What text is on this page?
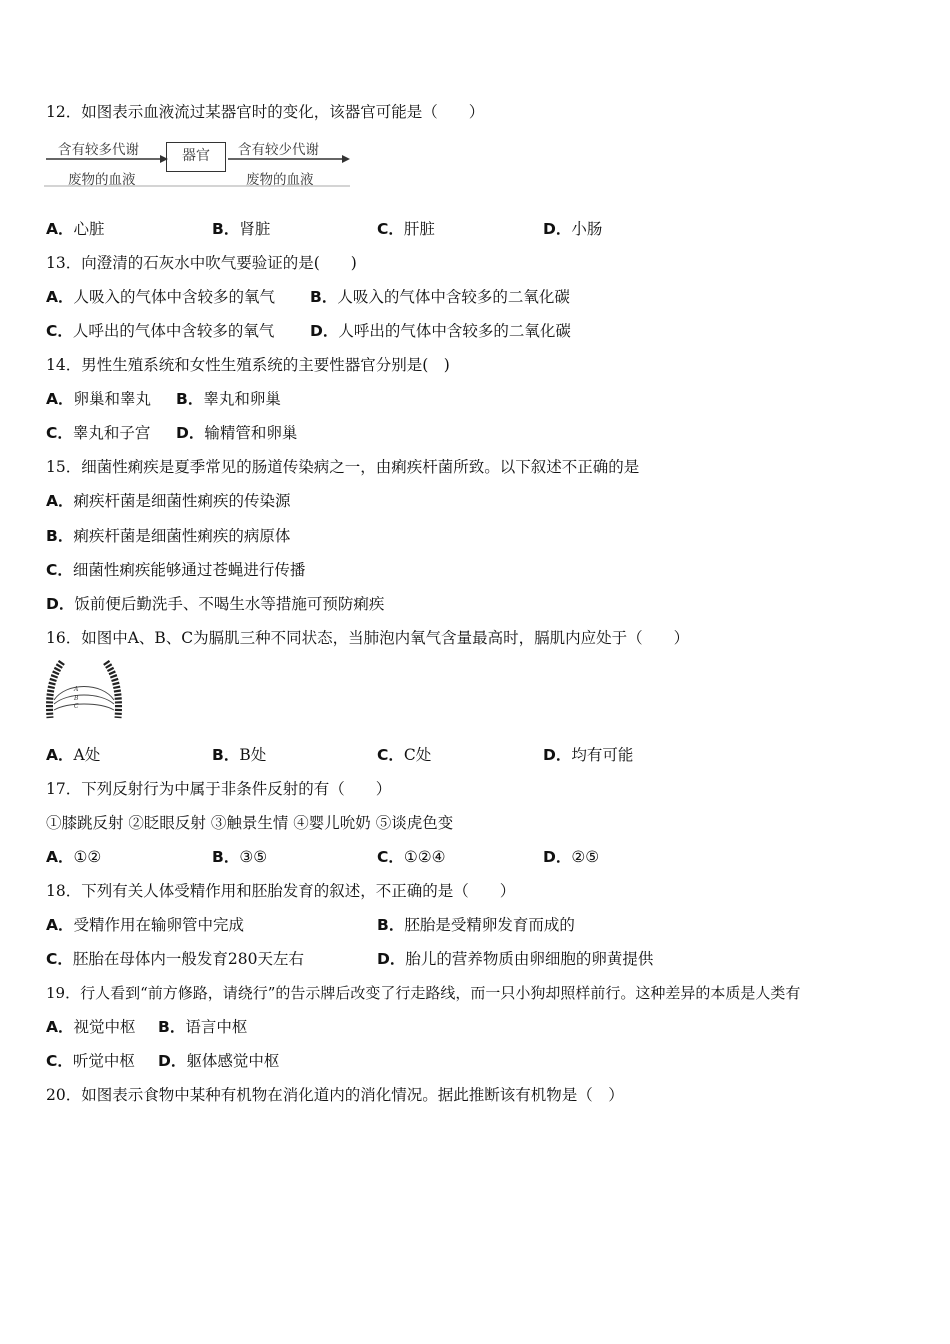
12．如图表示血液流过某器官时的变化，该器官可能是（　　）
含有较多代谢
废物的血液
器官	含有较少代谢
废物的血液
A．心脏	B．肾脏	C．肝脏	D．小肠
13．向澄清的石灰水中吹气要验证的是(　　)
A．人吸入的气体中含较多的氧气 B．人吸入的气体中含较多的二氧化碳
C．人呼出的气体中含较多的氧气 D．人呼出的气体中含较多的二氧化碳
14．男性生殖系统和女性生殖系统的主要性器官分别是(　)
A．卵巢和睾丸 B．睾丸和卵巢
C．睾丸和子宫 D．输精管和卵巢
15．细菌性痢疾是夏季常见的肠道传染病之一，由痢疾杆菌所致。以下叙述不正确的是
A．痢疾杆菌是细菌性痢疾的传染源
B．痢疾杆菌是细菌性痢疾的病原体
C．细菌性痢疾能够通过苍蝇进行传播
D．饭前便后勤洗手、不喝生水等措施可预防痢疾
16．如图中A、B、C为膈肌三种不同状态，当肺泡内氧气含量最高时，膈肌内应处于（　　）
A
B
C
A．A处	B．B处	C．C处	D．均有可能
17．下列反射行为中属于非条件反射的有（　　）
①膝跳反射 ②眨眼反射 ③触景生情 ④婴儿吮奶 ⑤谈虎色变
A．①②	B．③⑤	C．①②④	D．②⑤
18．下列有关人体受精作用和胚胎发育的叙述，不正确的是（　　）
A．受精作用在输卵管中完成	B．胚胎是受精卵发育而成的
C．胚胎在母体内一般发育280天左右	D．胎儿的营养物质由卵细胞的卵黄提供
19．行人看到“前方修路，请绕行”的告示牌后改变了行走路线，而一只小狗却照样前行。这种差异的本质是人类有
A．视觉中枢 B．语言中枢
C．听觉中枢 D．躯体感觉中枢
20．如图表示食物中某种有机物在消化道内的消化情况。据此推断该有机物是（　）
